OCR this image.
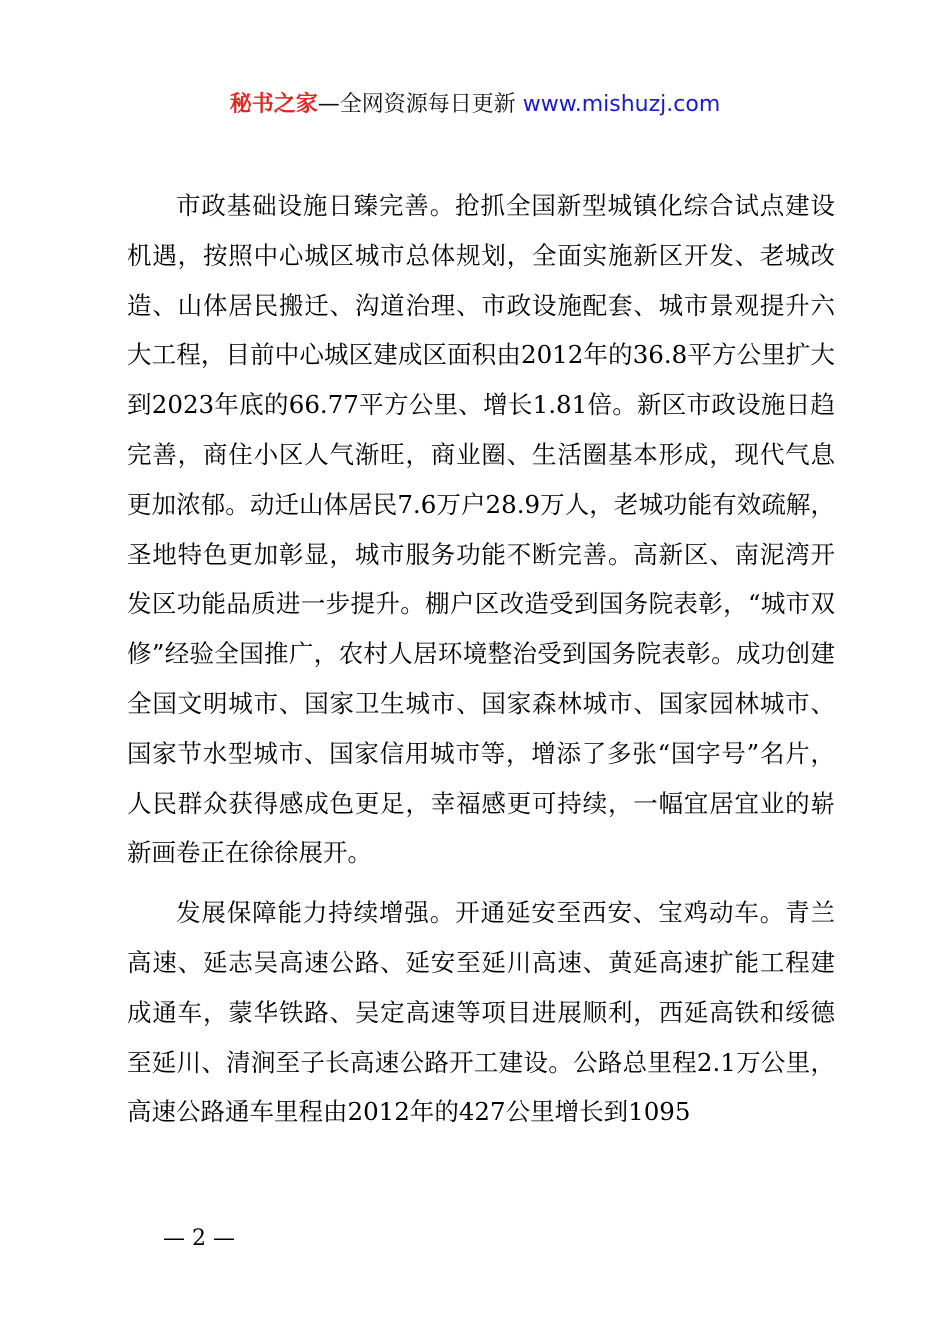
秘书之家—全网资源每日更新 www.mishuzj.com

市政基础设施日臻完善。抢抓全国新型城镇化综合试点建设机遇，按照中心城区城市总体规划，全面实施新区开发、老城改造、山体居民搬迁、沟道治理、市政设施配套、城市景观提升六大工程，目前中心城区建成区面积由2012年的36.8平方公里扩大到2023年底的66.77平方公里、增长1.81倍。新区市政设施日趋完善，商住小区人气渐旺，商业圈、生活圈基本形成，现代气息更加浓郁。动迁山体居民7.6万户28.9万人，老城功能有效疏解，圣地特色更加彰显，城市服务功能不断完善。高新区、南泥湾开发区功能品质进一步提升。棚户区改造受到国务院表彰，“城市双修”经验全国推广，农村人居环境整治受到国务院表彰。成功创建全国文明城市、国家卫生城市、国家森林城市、国家园林城市、国家节水型城市、国家信用城市等，增添了多张“国字号”名片，人民群众获得感成色更足，幸福感更可持续，一幅宜居宜业的崭新画卷正在徐徐展开。

发展保障能力持续增强。开通延安至西安、宝鸡动车。青兰高速、延志吴高速公路、延安至延川高速、黄延高速扩能工程建成通车，蒙华铁路、吴定高速等项目进展顺利，西延高铁和绥德至延川、清涧至子长高速公路开工建设。公路总里程2.1万公里，高速公路通车里程由2012年的427公里增长到1095

— 2 —
